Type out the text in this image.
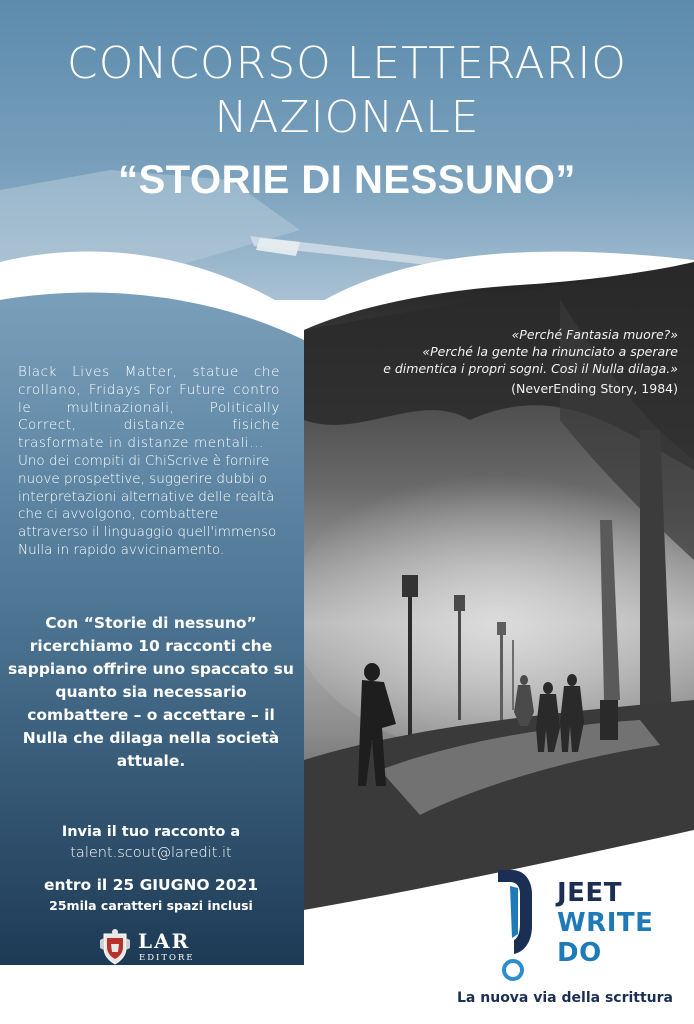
CONCORSO LETTERARIO
NAZIONALE
“STORIE DI NESSUNO”
«Perché Fantasia muore?»
«Perché la gente ha rinunciato a sperare
e dimentica i propri sogni. Così il Nulla dilaga.»
(NeverEnding Story, 1984)

Black Lives Matter, statue che crollano, Fridays For Future contro le multinazionali, Politically Correct, distanze fisiche trasformate in distanze mentali...

Uno dei compiti di ChiScrive è fornire nuove prospettive, suggerire dubbi o interpretazioni alternative delle realtà che ci avvolgono, combattere attraverso il linguaggio quell'immenso Nulla in rapido avvicinamento.

Con “Storie di nessuno” ricerchiamo 10 racconti che sappiano offrire uno spaccato su quanto sia necessario combattere – o accettare – il Nulla che dilaga nella società attuale.
Invia il tuo racconto a
talent.scout@laredit.it
entro il 25 GIUGNO 2021
25mila caratteri spazi inclusi
LAR
EDITORE
JEET
WRITE
DO
La nuova via della scrittura
